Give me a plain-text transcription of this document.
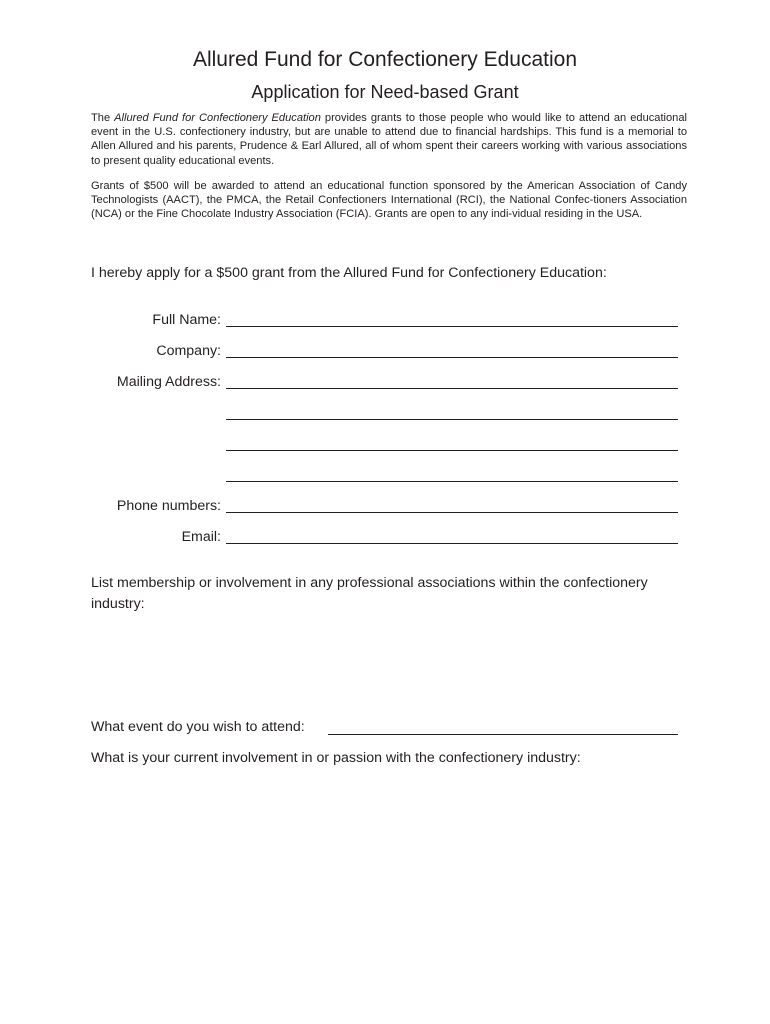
Allured Fund for Confectionery Education
Application for Need-based Grant

The Allured Fund for Confectionery Education provides grants to those people who would like to attend an educational event in the U.S. confectionery industry, but are unable to attend due to financial hardships. This fund is a memorial to Allen Allured and his parents, Prudence & Earl Allured, all of whom spent their careers working with various associations to present quality educational events.

Grants of $500 will be awarded to attend an educational function sponsored by the American Association of Candy Technologists (AACT), the PMCA, the Retail Confectioners International (RCI), the National Confec-tioners Association (NCA) or the Fine Chocolate Industry Association (FCIA). Grants are open to any indi-vidual residing in the USA.

I hereby apply for a $500 grant from the Allured Fund for Confectionery Education:

Full Name:
Company:
Mailing Address:
Phone numbers:
Email:

List membership or involvement in any professional associations within the confectionery industry:

What event do you wish to attend:

What is your current involvement in or passion with the confectionery industry:
